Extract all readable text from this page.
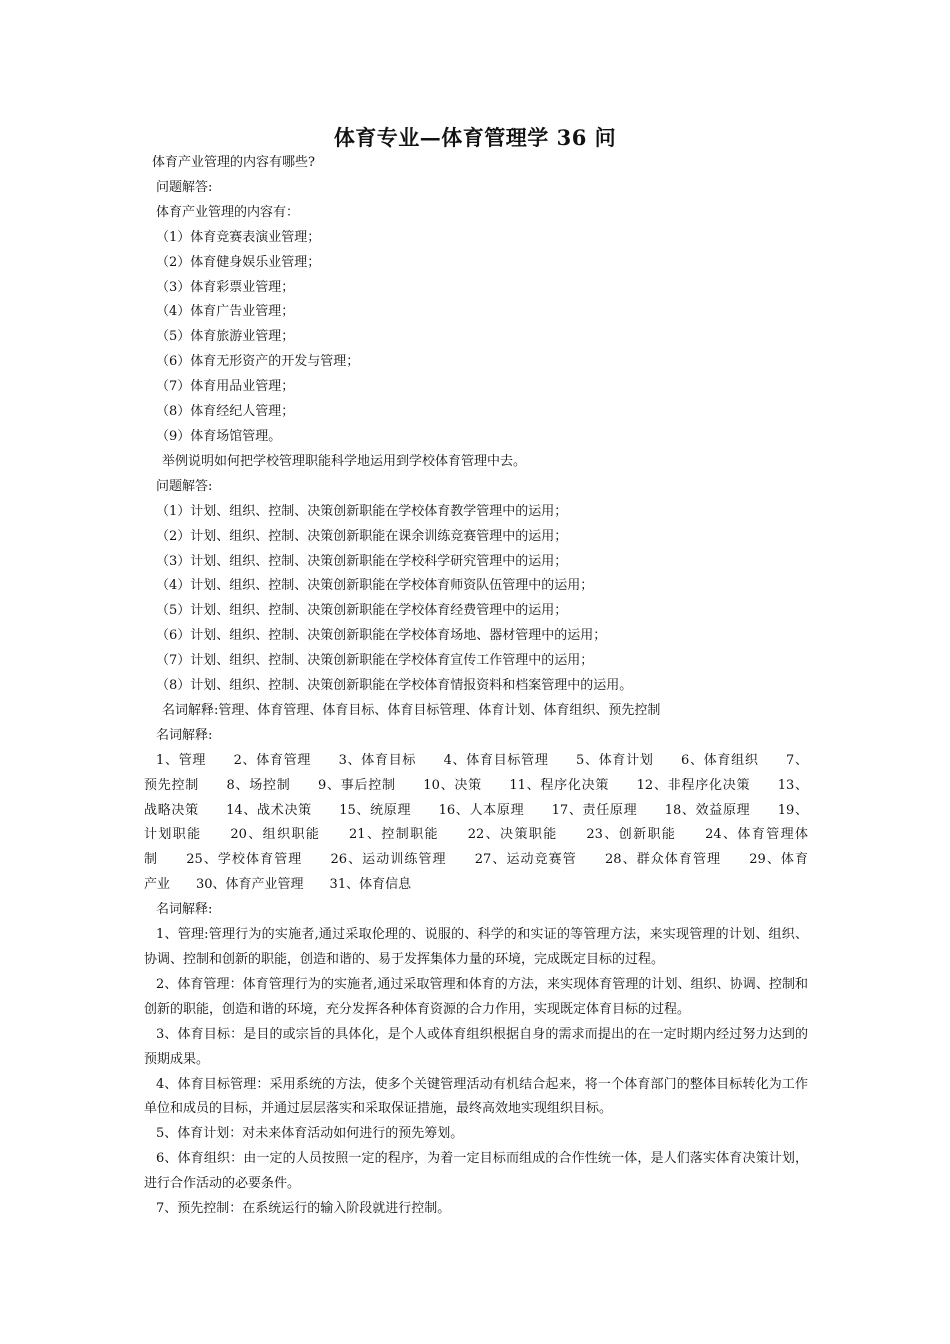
体育专业—体育管理学 36 问
体育产业管理的内容有哪些?
问题解答:
体育产业管理的内容有：
（1）体育竞赛表演业管理；
（2）体育健身娱乐业管理；
（3）体育彩票业管理；
（4）体育广告业管理；
（5）体育旅游业管理；
（6）体育无形资产的开发与管理；
（7）体育用品业管理；
（8）体育经纪人管理；
（9）体育场馆管理。
举例说明如何把学校管理职能科学地运用到学校体育管理中去。
问题解答:
（1）计划、组织、控制、决策创新职能在学校体育教学管理中的运用；
（2）计划、组织、控制、决策创新职能在课余训练竞赛管理中的运用；
（3）计划、组织、控制、决策创新职能在学校科学研究管理中的运用；
（4）计划、组织、控制、决策创新职能在学校体育师资队伍管理中的运用；
（5）计划、组织、控制、决策创新职能在学校体育经费管理中的运用；
（6）计划、组织、控制、决策创新职能在学校体育场地、器材管理中的运用；
（7）计划、组织、控制、决策创新职能在学校体育宣传工作管理中的运用；
（8）计划、组织、控制、决策创新职能在学校体育情报资料和档案管理中的运用。
名词解释:管理、体育管理、体育目标、体育目标管理、体育计划、体育组织、预先控制
名词解释:
1、管理　　2、体育管理　　3、体育目标　　4、体育目标管理　　5、体育计划　　6、体育组织　　7、
预先控制　　8、场控制　　9、事后控制　　10、决策　　11、程序化决策　　12、非程序化决策　　13、
战略决策　　14、战术决策　　15、统原理　　16、人本原理　　17、责任原理　　18、效益原理　　19、
计划职能　　20、组织职能　　21、控制职能　　22、决策职能　　23、创新职能　　24、体育管理体
制　　25、学校体育管理　　26、运动训练管理　　27、运动竞赛管　　28、群众体育管理　　29、体育
产业　　30、体育产业管理　　31、体育信息
名词解释:
1、管理:管理行为的实施者,通过采取伦理的、说服的、科学的和实证的等管理方法，来实现管理的计划、组织、协调、控制和创新的职能，创造和谐的、易于发挥集体力量的环境，完成既定目标的过程。
2、体育管理：体育管理行为的实施者,通过采取管理和体育的方法，来实现体育管理的计划、组织、协调、控制和创新的职能，创造和谐的环境，充分发挥各种体育资源的合力作用，实现既定体育目标的过程。
3、体育目标：是目的或宗旨的具体化，是个人或体育组织根据自身的需求而提出的在一定时期内经过努力达到的预期成果。
4、体育目标管理：采用系统的方法，使多个关键管理活动有机结合起来，将一个体育部门的整体目标转化为工作单位和成员的目标，并通过层层落实和采取保证措施，最终高效地实现组织目标。
5、体育计划：对未来体育活动如何进行的预先筹划。
6、体育组织：由一定的人员按照一定的程序，为着一定目标而组成的合作性统一体，是人们落实体育决策计划，进行合作活动的必要条件。
7、预先控制：在系统运行的输入阶段就进行控制。
